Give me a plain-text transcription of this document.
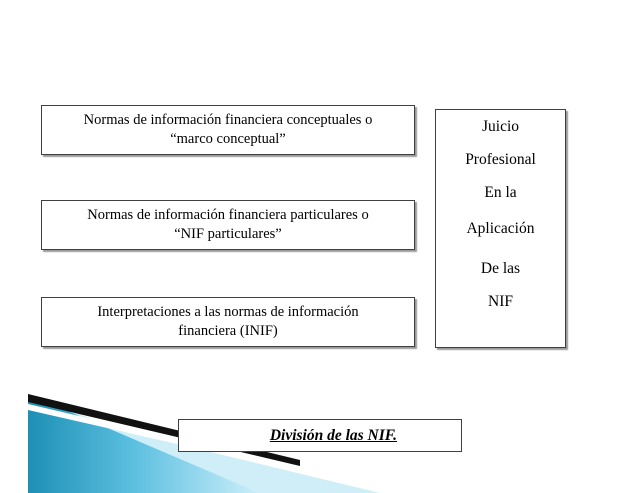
Normas de información financiera conceptuales o
“marco conceptual”
Normas de información financiera particulares o
“NIF particulares”
Interpretaciones a las normas de información
financiera (INIF)
Juicio
Profesional
En la
Aplicación
De las
NIF
División de las NIF.
